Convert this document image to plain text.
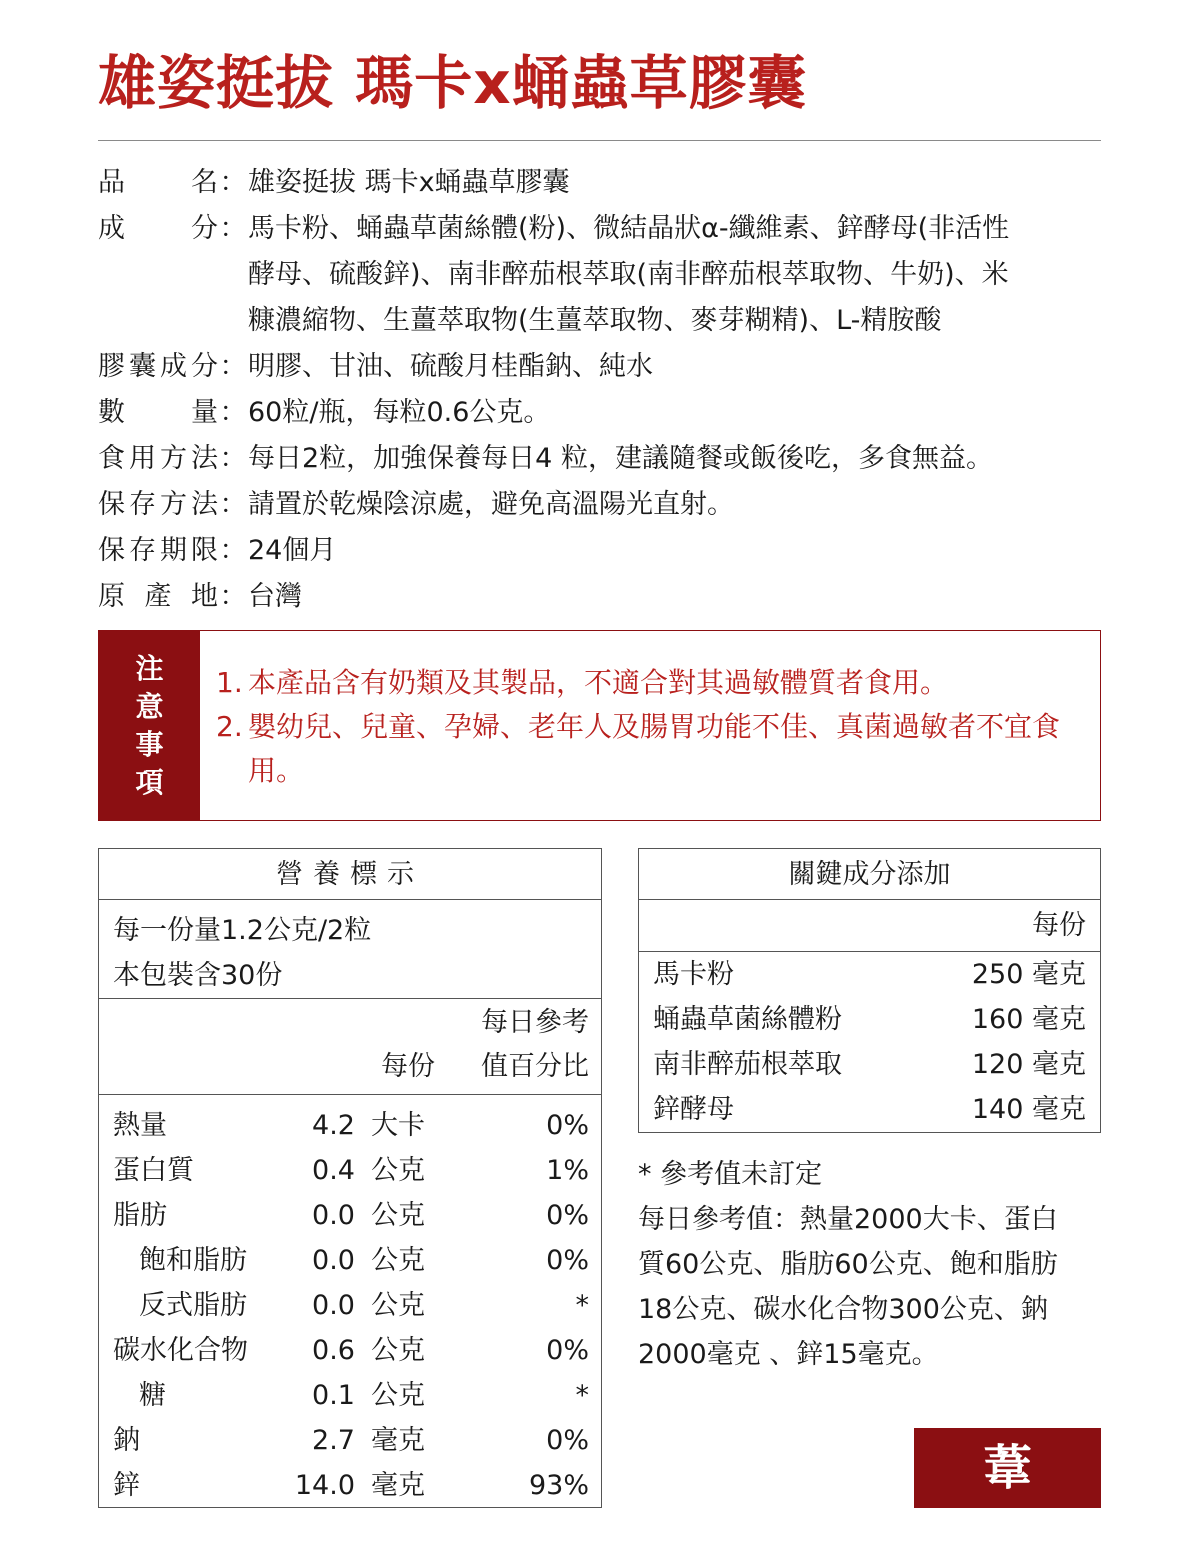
雄姿挺拔 瑪卡x蛹蟲草膠囊
品 名 ： 雄姿挺拔 瑪卡x蛹蟲草膠囊
成 分 ： 馬卡粉、蛹蟲草菌絲體(粉)、微結晶狀α-纖維素、鋅酵母(非活性
酵母、硫酸鋅)、南非醉茄根萃取(南非醉茄根萃取物、牛奶)、米
糠濃縮物、生薑萃取物(生薑萃取物、麥芽糊精)、L-精胺酸
膠 囊 成 分 ： 明膠、甘油、硫酸月桂酯鈉、純水
數 量 ： 60粒/瓶，每粒0.6公克。
食 用 方 法 ： 每日2粒，加強保養每日4 粒，建議隨餐或飯後吃，多食無益。
保 存 方 法 ： 請置於乾燥陰涼處，避免高溫陽光直射。
保 存 期 限 ： 24個月
原 產 地 ： 台灣
注
意
事
項
1. 本產品含有奶類及其製品，不適合對其過敏體質者食用。
2. 嬰幼兒、兒童、孕婦、老年人及腸胃功能不佳、真菌過敏者不宜食用。
營養標示
每一份量1.2公克/2粒
本包裝含30份
每日參考
每份 值百分比
熱量	4.2 大卡	0%
蛋白質	0.4 公克	1%
脂肪	0.0 公克	0%
飽和脂肪 0.0 公克	0%
反式脂肪 0.0 公克	*
碳水化合物 0.6 公克	0%
糖	0.1 公克	*
鈉	2.7 毫克	0%
鋅	14.0 毫克	93%
關鍵成分添加
每份
馬卡粉	250 毫克
蛹蟲草菌絲體粉	160 毫克
南非醉茄根萃取	120 毫克
鋅酵母	140 毫克
* 參考值未訂定
每日參考值：熱量2000大卡、蛋白
質60公克、脂肪60公克、飽和脂肪
18公克、碳水化合物300公克、鈉
2000毫克 、鋅15毫克。
葦
